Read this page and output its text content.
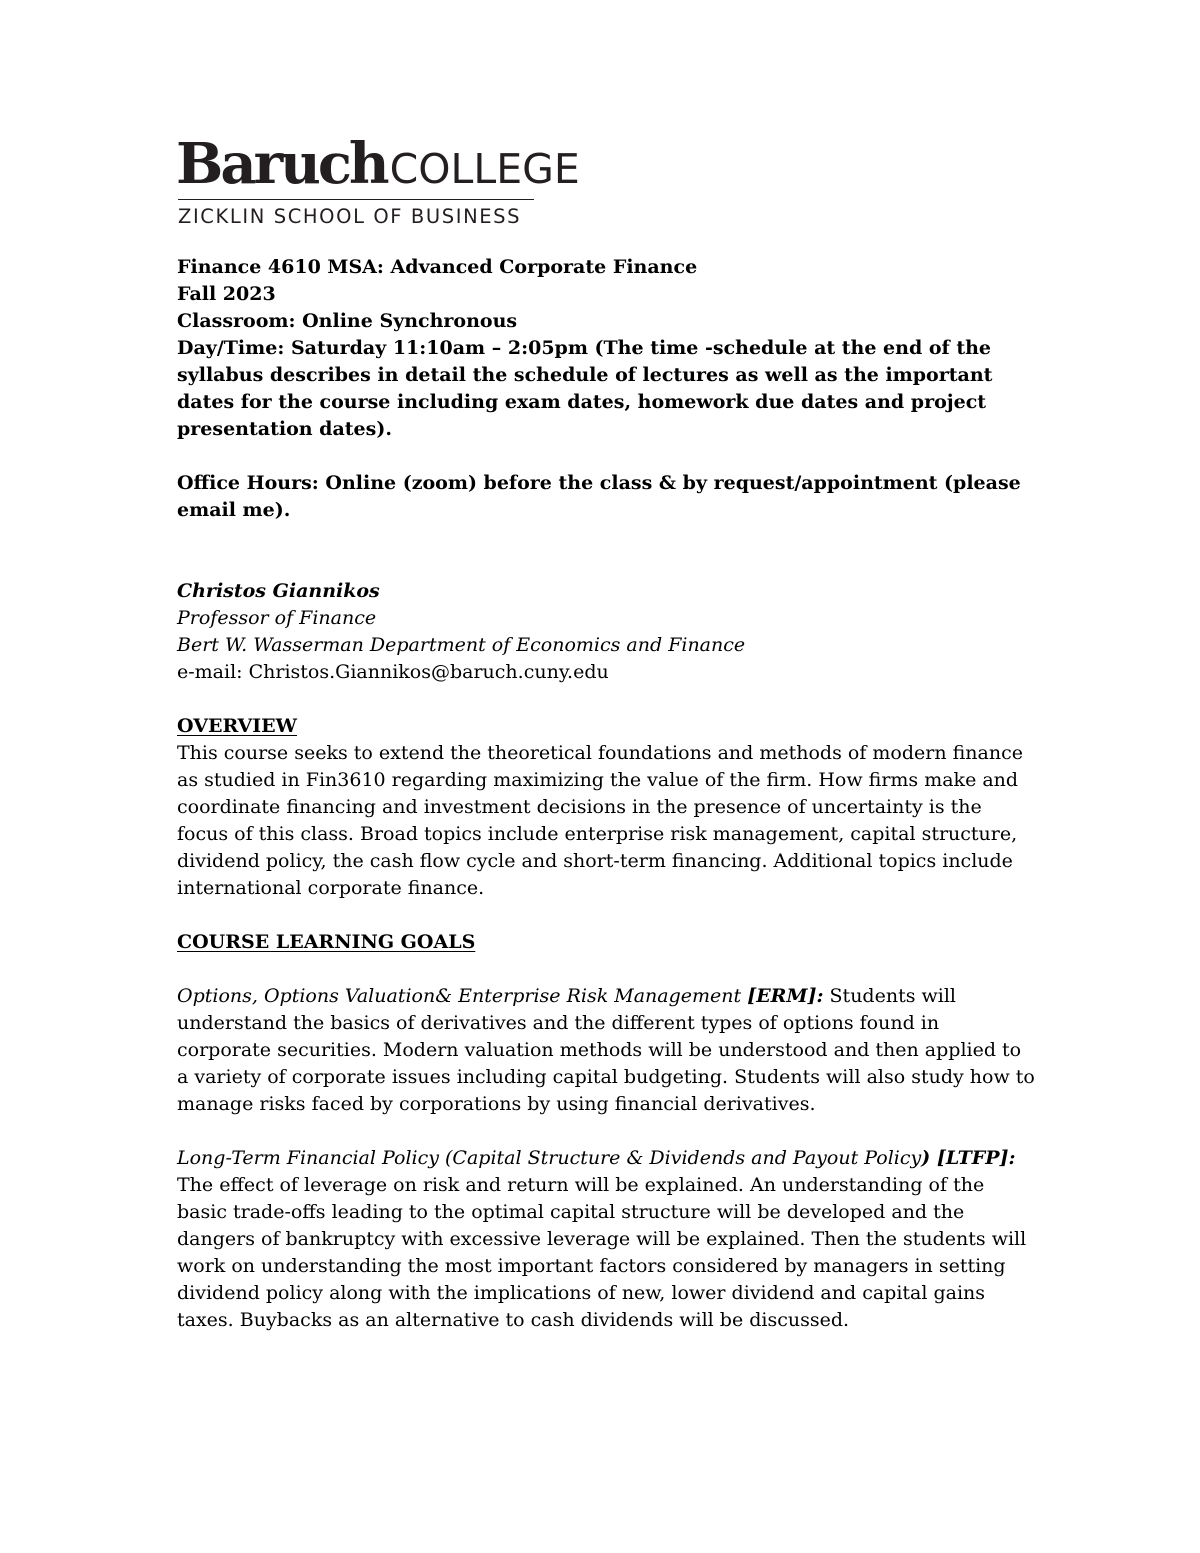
BaruchCOLLEGE
ZICKLIN SCHOOL OF BUSINESS

Finance 4610 MSA: Advanced Corporate Finance

Fall 2023

Classroom: Online Synchronous

Day/Time: Saturday 11:10am – 2:05pm (The time -schedule at the end of the syllabus describes in detail the schedule of lectures as well as the important dates for the course including exam dates, homework due dates and project presentation dates).

Office Hours: Online (zoom) before the class & by request/appointment (please email me).

Christos Giannikos

Professor of Finance

Bert W. Wasserman Department of Economics and Finance

e-mail: Christos.Giannikos@baruch.cuny.edu

OVERVIEW

This course seeks to extend the theoretical foundations and methods of modern finance as studied in Fin3610 regarding maximizing the value of the firm. How firms make and coordinate financing and investment decisions in the presence of uncertainty is the focus of this class. Broad topics include enterprise risk management, capital structure, dividend policy, the cash flow cycle and short-term financing. Additional topics include international corporate finance.

COURSE LEARNING GOALS

Options, Options Valuation& Enterprise Risk Management [ERM]: Students will understand the basics of derivatives and the different types of options found in corporate securities. Modern valuation methods will be understood and then applied to a variety of corporate issues including capital budgeting. Students will also study how to manage risks faced by corporations by using financial derivatives.

Long-Term Financial Policy (Capital Structure & Dividends and Payout Policy) [LTFP]: The effect of leverage on risk and return will be explained. An understanding of the basic trade-offs leading to the optimal capital structure will be developed and the dangers of bankruptcy with excessive leverage will be explained. Then the students will work on understanding the most important factors considered by managers in setting dividend policy along with the implications of new, lower dividend and capital gains taxes. Buybacks as an alternative to cash dividends will be discussed.
